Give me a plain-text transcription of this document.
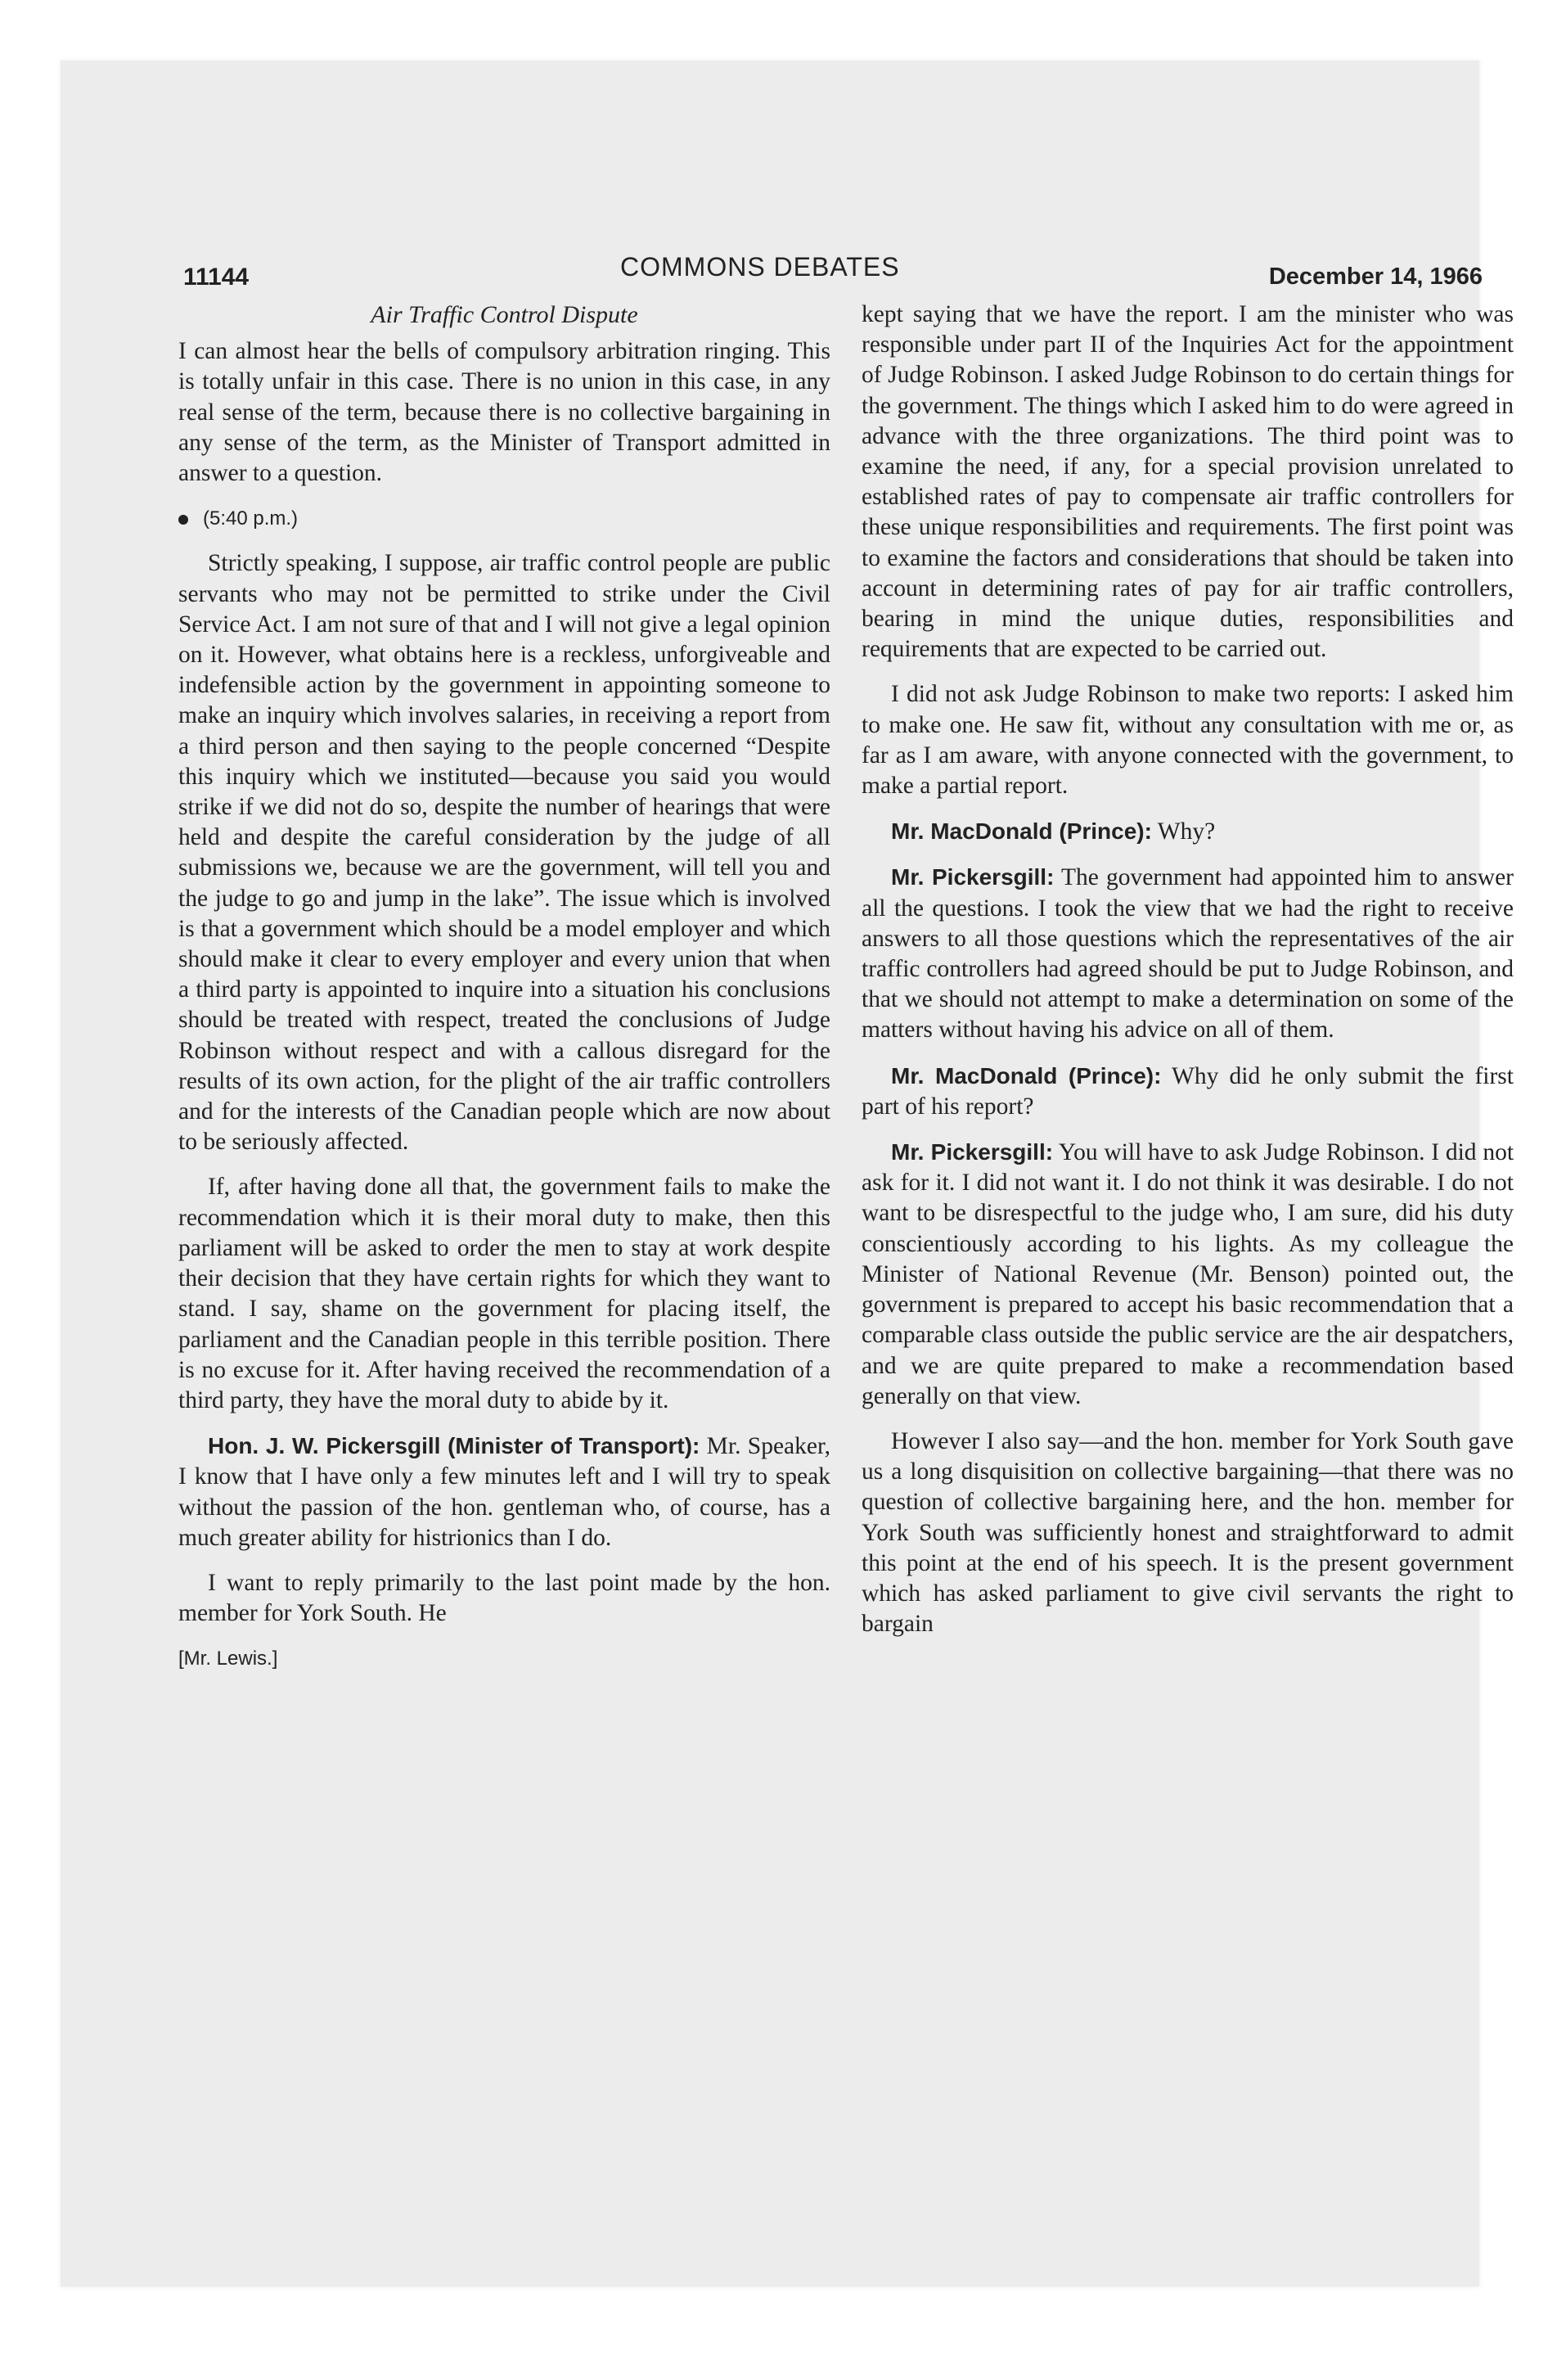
11144	COMMONS DEBATES	December 14, 1966
Air Traffic Control Dispute

I can almost hear the bells of compulsory arbitration ringing. This is totally unfair in this case. There is no union in this case, in any real sense of the term, because there is no collective bargaining in any sense of the term, as the Minister of Transport admitted in answer to a question.

(5:40 p.m.)

Strictly speaking, I suppose, air traffic control people are public servants who may not be permitted to strike under the Civil Service Act. I am not sure of that and I will not give a legal opinion on it. However, what obtains here is a reckless, unforgiveable and indefensible action by the government in appointing someone to make an inquiry which involves salaries, in receiving a report from a third person and then saying to the people concerned “Despite this inquiry which we instituted—because you said you would strike if we did not do so, despite the number of hearings that were held and despite the careful consideration by the judge of all submissions we, because we are the government, will tell you and the judge to go and jump in the lake”. The issue which is involved is that a government which should be a model employer and which should make it clear to every employer and every union that when a third party is appointed to inquire into a situation his conclusions should be treated with respect, treated the conclusions of Judge Robinson without respect and with a callous disregard for the results of its own action, for the plight of the air traffic controllers and for the interests of the Canadian people which are now about to be seriously affected.

If, after having done all that, the government fails to make the recommendation which it is their moral duty to make, then this parliament will be asked to order the men to stay at work despite their decision that they have certain rights for which they want to stand. I say, shame on the government for placing itself, the parliament and the Canadian people in this terrible position. There is no excuse for it. After having received the recommendation of a third party, they have the moral duty to abide by it.

Hon. J. W. Pickersgill (Minister of Transport): Mr. Speaker, I know that I have only a few minutes left and I will try to speak without the passion of the hon. gentleman who, of course, has a much greater ability for histrionics than I do.

I want to reply primarily to the last point made by the hon. member for York South. He

[Mr. Lewis.]

kept saying that we have the report. I am the minister who was responsible under part II of the Inquiries Act for the appointment of Judge Robinson. I asked Judge Robinson to do certain things for the government. The things which I asked him to do were agreed in advance with the three organizations. The third point was to examine the need, if any, for a special provision unrelated to established rates of pay to compensate air traffic controllers for these unique responsibilities and requirements. The first point was to examine the factors and considerations that should be taken into account in determining rates of pay for air traffic controllers, bearing in mind the unique duties, responsibilities and requirements that are expected to be carried out.

I did not ask Judge Robinson to make two reports: I asked him to make one. He saw fit, without any consultation with me or, as far as I am aware, with anyone connected with the government, to make a partial report.

Mr. MacDonald (Prince): Why?

Mr. Pickersgill: The government had appointed him to answer all the questions. I took the view that we had the right to receive answers to all those questions which the representatives of the air traffic controllers had agreed should be put to Judge Robinson, and that we should not attempt to make a determination on some of the matters without having his advice on all of them.

Mr. MacDonald (Prince): Why did he only submit the first part of his report?

Mr. Pickersgill: You will have to ask Judge Robinson. I did not ask for it. I did not want it. I do not think it was desirable. I do not want to be disrespectful to the judge who, I am sure, did his duty conscientiously according to his lights. As my colleague the Minister of National Revenue (Mr. Benson) pointed out, the government is prepared to accept his basic recommendation that a comparable class outside the public service are the air despatchers, and we are quite prepared to make a recommendation based generally on that view.

However I also say—and the hon. member for York South gave us a long disquisition on collective bargaining—that there was no question of collective bargaining here, and the hon. member for York South was sufficiently honest and straightforward to admit this point at the end of his speech. It is the present government which has asked parliament to give civil servants the right to bargain
